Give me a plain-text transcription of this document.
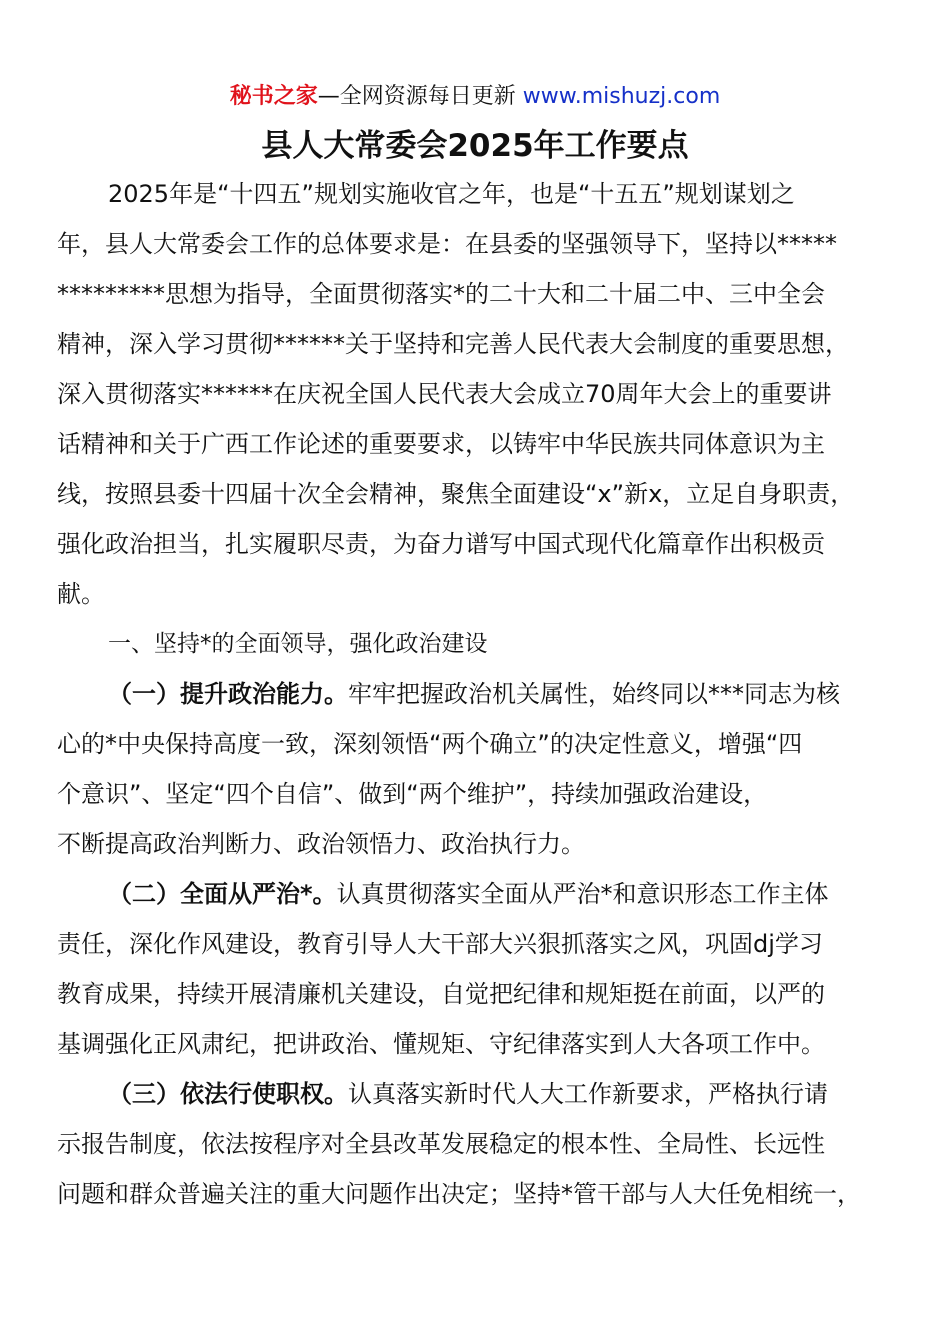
秘书之家—全网资源每日更新 www.mishuzj.com
县人大常委会2025年工作要点
2025年是“十四五”规划实施收官之年，也是“十五五”规划谋划之
年，县人大常委会工作的总体要求是：在县委的坚强领导下，坚持以*****
*********思想为指导，全面贯彻落实*的二十大和二十届二中、三中全会
精神，深入学习贯彻******关于坚持和完善人民代表大会制度的重要思想，
深入贯彻落实******在庆祝全国人民代表大会成立70周年大会上的重要讲
话精神和关于广西工作论述的重要要求，以铸牢中华民族共同体意识为主
线，按照县委十四届十次全会精神，聚焦全面建设“x”新x，立足自身职责，
强化政治担当，扎实履职尽责，为奋力谱写中国式现代化篇章作出积极贡
献。
一、坚持*的全面领导，强化政治建设
（一）提升政治能力。牢牢把握政治机关属性，始终同以***同志为核
心的*中央保持高度一致，深刻领悟“两个确立”的决定性意义，增强“四
个意识”、坚定“四个自信”、做到“两个维护”，持续加强政治建设，
不断提高政治判断力、政治领悟力、政治执行力。
（二）全面从严治*。认真贯彻落实全面从严治*和意识形态工作主体
责任，深化作风建设，教育引导人大干部大兴狠抓落实之风，巩固dj学习
教育成果，持续开展清廉机关建设，自觉把纪律和规矩挺在前面，以严的
基调强化正风肃纪，把讲政治、懂规矩、守纪律落实到人大各项工作中。
（三）依法行使职权。认真落实新时代人大工作新要求，严格执行请
示报告制度，依法按程序对全县改革发展稳定的根本性、全局性、长远性
问题和群众普遍关注的重大问题作出决定；坚持*管干部与人大任免相统一，
